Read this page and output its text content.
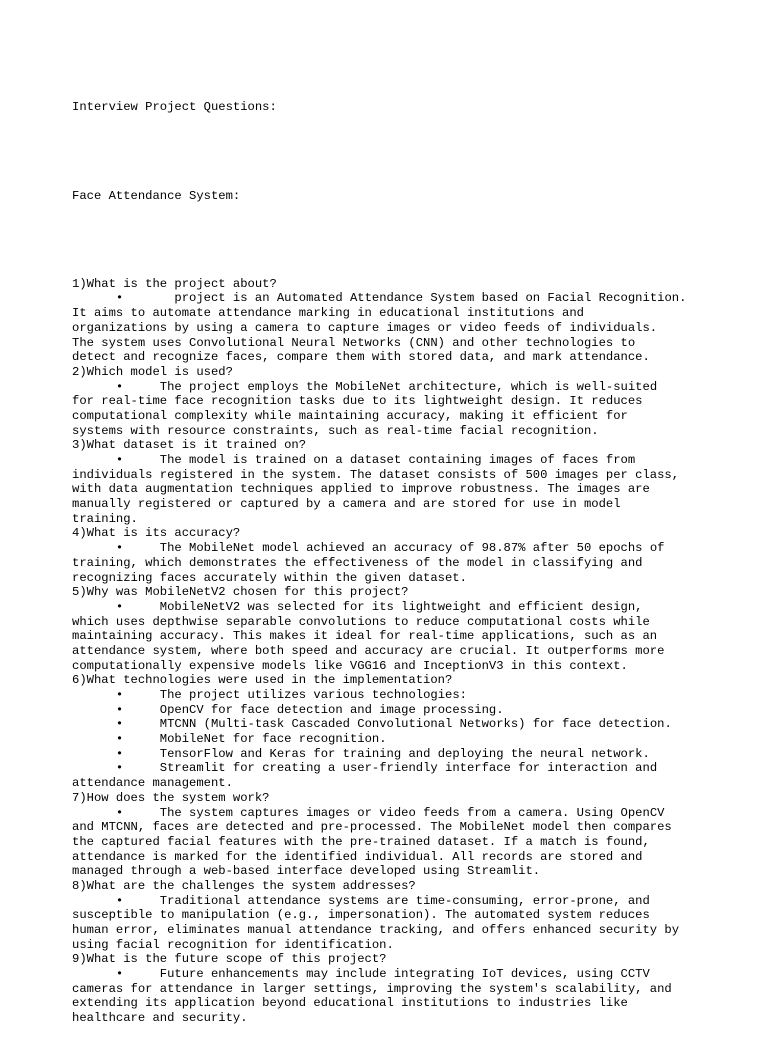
Interview Project Questions:

Face Attendance System:

1)What is the project about?
•	project is an Automated Attendance System based on Facial Recognition.
It aims to automate attendance marking in educational institutions and
organizations by using a camera to capture images or video feeds of individuals.
The system uses Convolutional Neural Networks (CNN) and other technologies to
detect and recognize faces, compare them with stored data, and mark attendance.
2)Which model is used?
•	The project employs the MobileNet architecture, which is well-suited
for real-time face recognition tasks due to its lightweight design. It reduces
computational complexity while maintaining accuracy, making it efficient for
systems with resource constraints, such as real-time facial recognition.
3)What dataset is it trained on?
•	The model is trained on a dataset containing images of faces from
individuals registered in the system. The dataset consists of 500 images per class,
with data augmentation techniques applied to improve robustness. The images are
manually registered or captured by a camera and are stored for use in model
training.
4)What is its accuracy?
•	The MobileNet model achieved an accuracy of 98.87% after 50 epochs of
training, which demonstrates the effectiveness of the model in classifying and
recognizing faces accurately within the given dataset.
5)Why was MobileNetV2 chosen for this project?
•	MobileNetV2 was selected for its lightweight and efficient design,
which uses depthwise separable convolutions to reduce computational costs while
maintaining accuracy. This makes it ideal for real-time applications, such as an
attendance system, where both speed and accuracy are crucial. It outperforms more
computationally expensive models like VGG16 and InceptionV3 in this context.
6)What technologies were used in the implementation?
•	The project utilizes various technologies:
•	OpenCV for face detection and image processing.
•	MTCNN (Multi-task Cascaded Convolutional Networks) for face detection.
•	MobileNet for face recognition.
•	TensorFlow and Keras for training and deploying the neural network.
•	Streamlit for creating a user-friendly interface for interaction and
attendance management.
7)How does the system work?
•	The system captures images or video feeds from a camera. Using OpenCV
and MTCNN, faces are detected and pre-processed. The MobileNet model then compares
the captured facial features with the pre-trained dataset. If a match is found,
attendance is marked for the identified individual. All records are stored and
managed through a web-based interface developed using Streamlit.
8)What are the challenges the system addresses?
•	Traditional attendance systems are time-consuming, error-prone, and
susceptible to manipulation (e.g., impersonation). The automated system reduces
human error, eliminates manual attendance tracking, and offers enhanced security by
using facial recognition for identification.
9)What is the future scope of this project?
•	Future enhancements may include integrating IoT devices, using CCTV
cameras for attendance in larger settings, improving the system's scalability, and
extending its application beyond educational institutions to industries like
healthcare and security.
